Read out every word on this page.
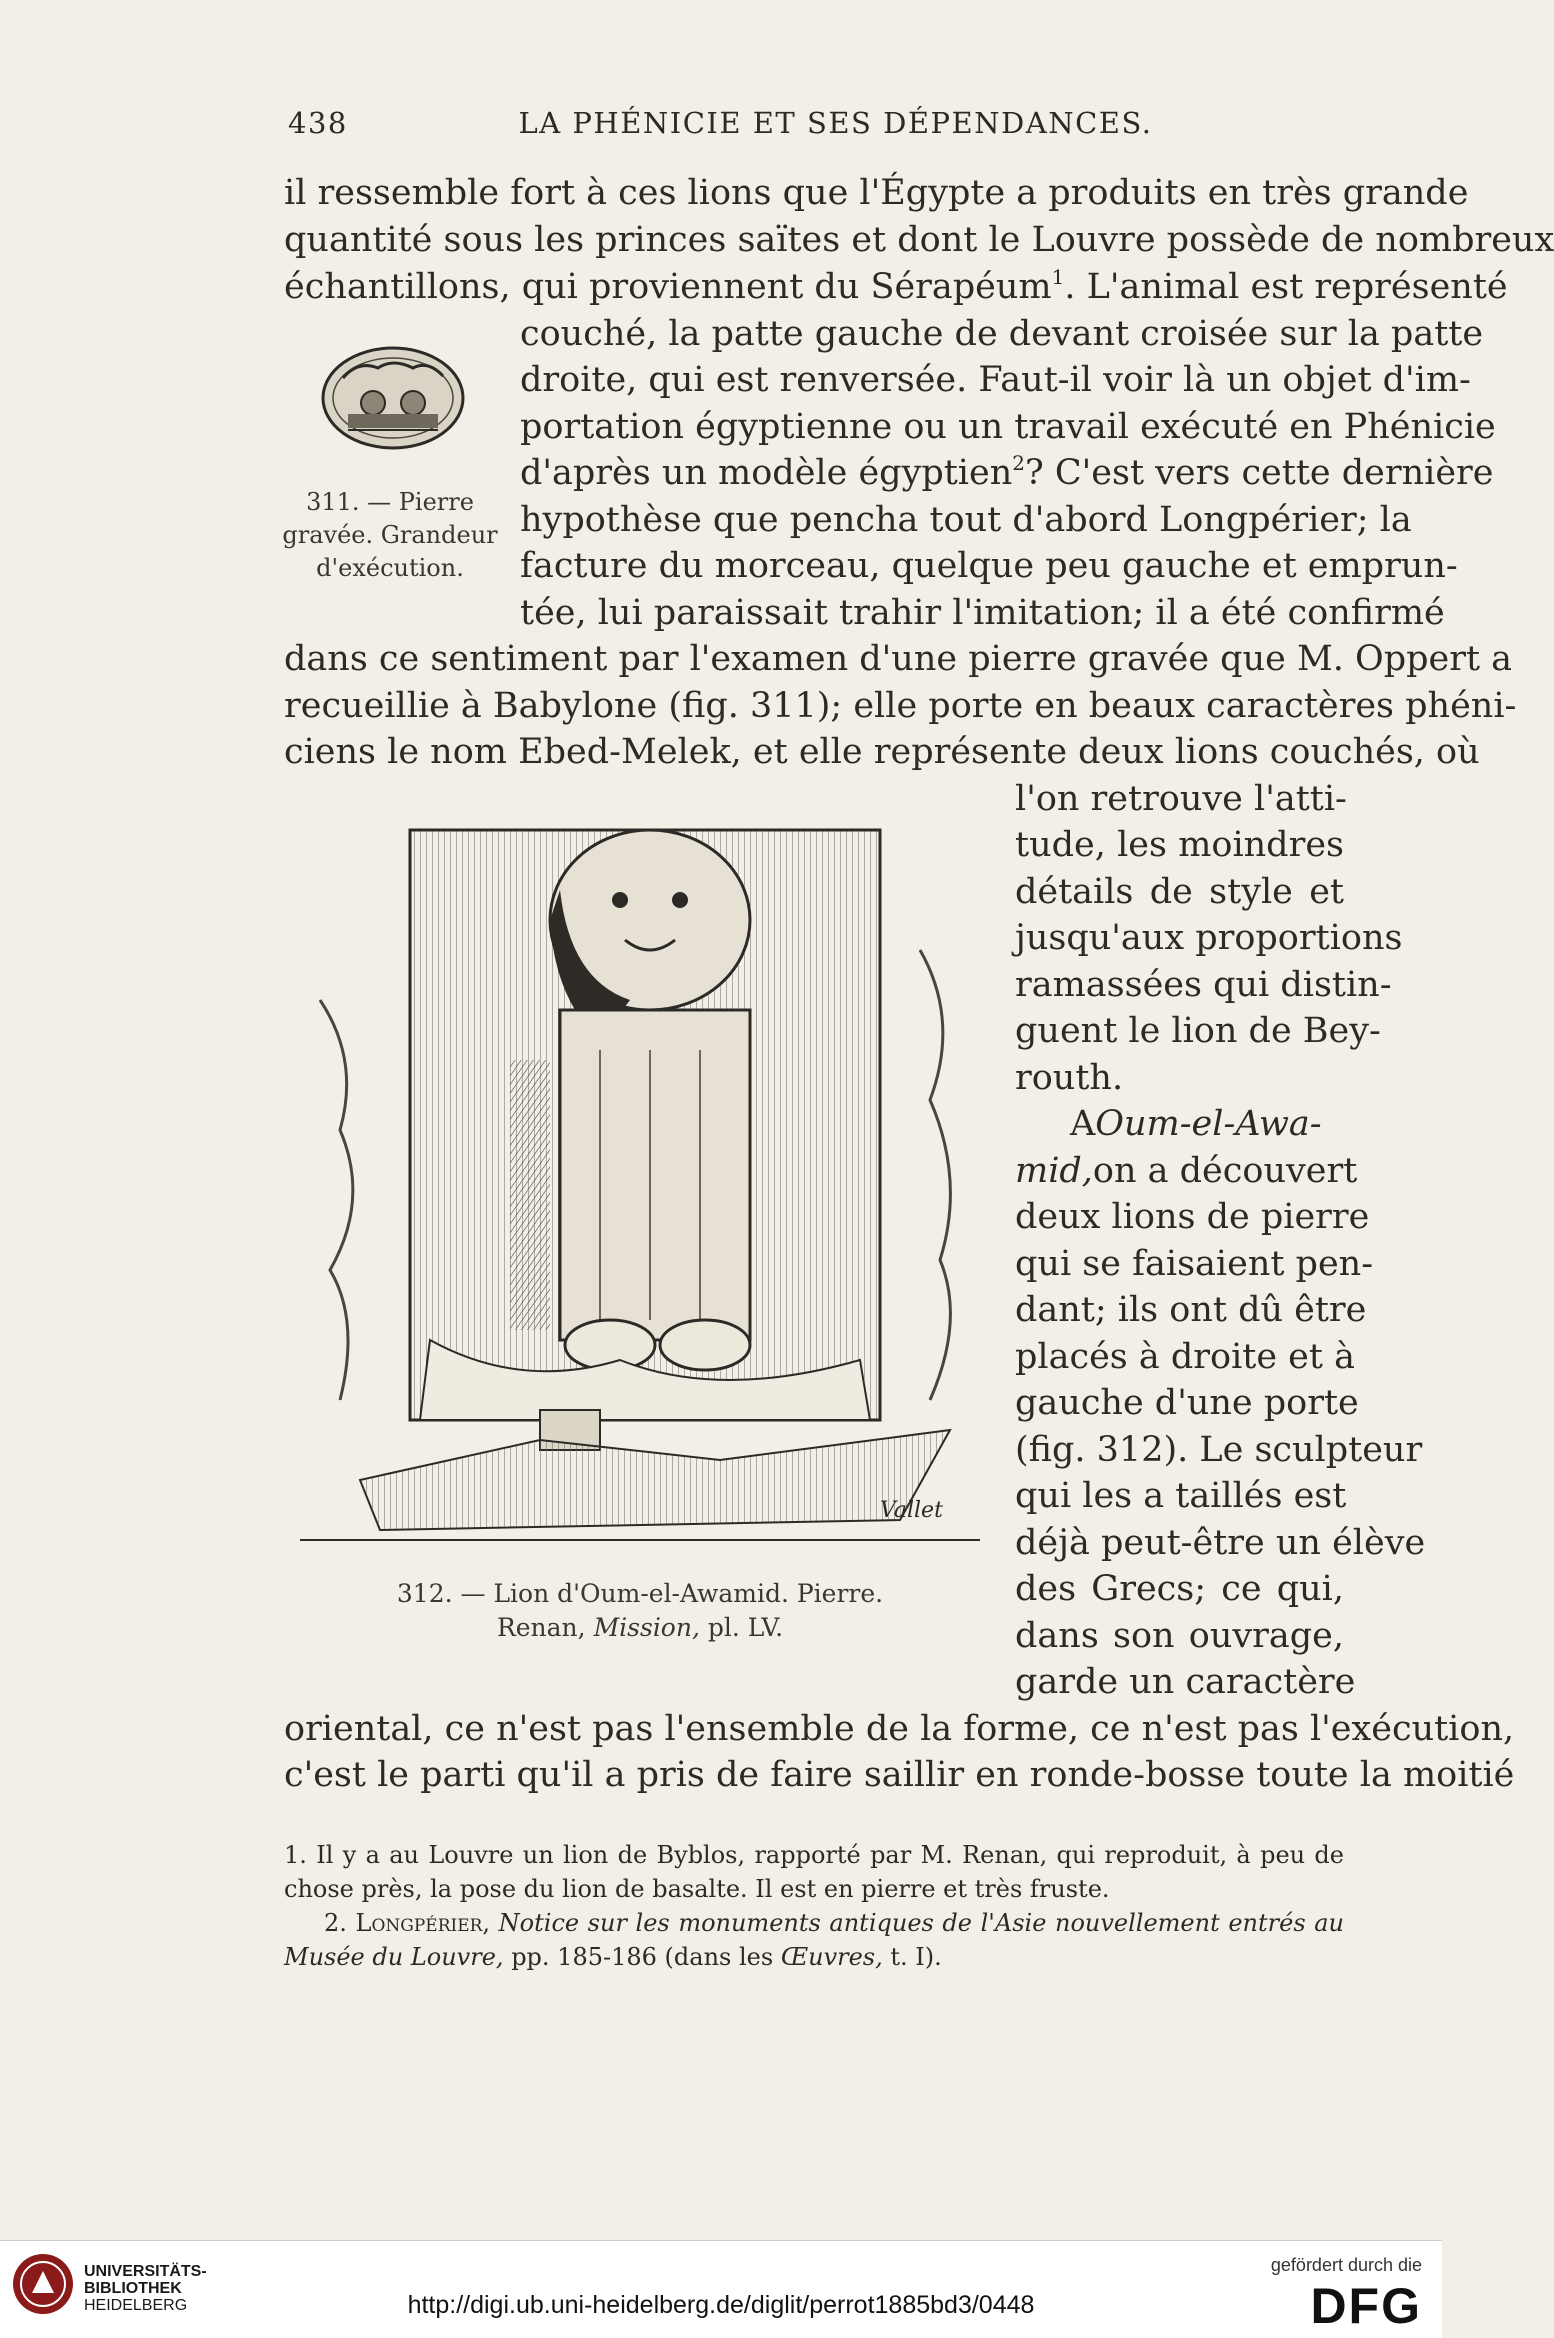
438	LA PHÉNICIE ET SES DÉPENDANCES.
il ressemble fort à ces lions que l'Égypte a produits en très grande
quantité sous les princes saïtes et dont le Louvre possède de nombreux
échantillons, qui proviennent du Sérapéum$^1$. L'animal est représenté
couché, la patte gauche de devant croisée sur la patte
droite, qui est renversée. Faut-il voir là un objet d'im-
portation égyptienne ou un travail exécuté en Phénicie
d'après un modèle égyptien$^2$? C'est vers cette dernière
hypothèse que pencha tout d'abord Longpérier; la
facture du morceau, quelque peu gauche et emprun-
tée, lui paraissait trahir l'imitation; il a été confirmé
dans ce sentiment par l'examen d'une pierre gravée que M. Oppert a
recueillie à Babylone (fig. 311); elle porte en beaux caractères phéni-
ciens le nom Ebed-Melek, et elle représente deux lions couchés, où
l'on retrouve l'atti-
tude, les moindres
détails de style et
jusqu'aux proportions
ramassées qui distin-
guent le lion de Bey-
routh.
AOum-el-Awa-
mid,on a découvert
deux lions de pierre
qui se faisaient pen-
dant; ils ont dû être
placés à droite et à
gauche d'une porte
(fig. 312). Le sculpteur
qui les a taillés est
déjà peut-être un élève
des Grecs; ce qui,
dans son ouvrage,
garde un caractère
oriental, ce n'est pas l'ensemble de la forme, ce n'est pas l'exécution,
c'est le parti qu'il a pris de faire saillir en ronde-bosse toute la moitié
311. — Pierre
gravée. Grandeur
d'exécution.
Vallet
312. — Lion d'Oum-el-Awamid. Pierre.
Renan, Mission, pl. LV.
1. Il y a au Louvre un lion de Byblos, rapporté par M. Renan, qui reproduit, à peu de
chose près, la pose du lion de basalte. Il est en pierre et très fruste.
2. Longpérier, Notice sur les monuments antiques de l'Asie nouvellement entrés au
Musée du Louvre, pp. 185-186 (dans les Œuvres, t. I).
UNIVERSITÄTS-
BIBLIOTHEK
HEIDELBERG	http://digi.ub.uni-heidelberg.de/diglit/perrot1885bd3/0448
gefördert durch die
DFG
